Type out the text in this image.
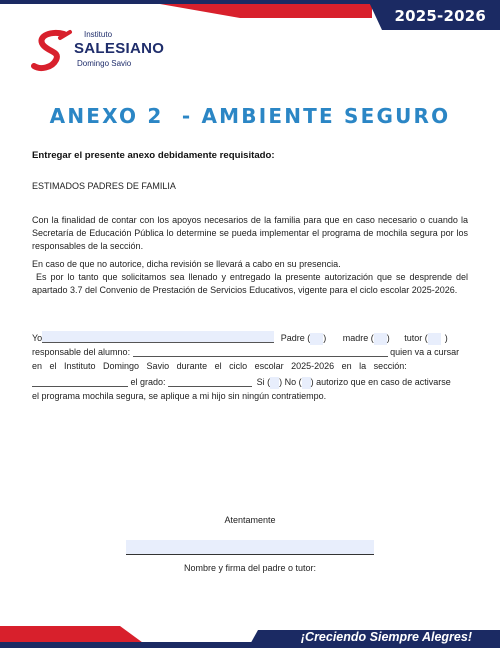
2025-2026
Instituto
SALESIANO
Domingo Savio
ANEXO 2  - AMBIENTE SEGURO
Entregar el presente anexo debidamente requisitado:
ESTIMADOS PADRES DE FAMILIA
Con la finalidad de contar con los apoyos necesarios de la familia para que en caso necesario o cuando la Secretaría de Educación Pública lo determine se pueda implementar el programa de mochila segura por los responsables de la sección.
En caso de que no autorice, dicha revisión se llevará a cabo en su presencia.
Es por lo tanto que solicitamos sea llenado y entregado la presente autorización que se desprende del apartado 3.7 del Convenio de Prestación de Servicios Educativos, vigente para el ciclo escolar 2025-2026.
Yo	Padre ( ) madre ( ) tutor ( )
responsable del alumno:	quien va a cursar
en   el   Instituto   Domingo   Savio   durante   el   ciclo   escolar   2025-2026   en   la   sección:
el grado:	Si ( ) No ( ) autorizo que en caso de activarse
el programa mochila segura, se aplique a mi hijo sin ningún contratiempo.
Atentamente
Nombre y firma del padre o tutor:
¡Creciendo Siempre Alegres!
